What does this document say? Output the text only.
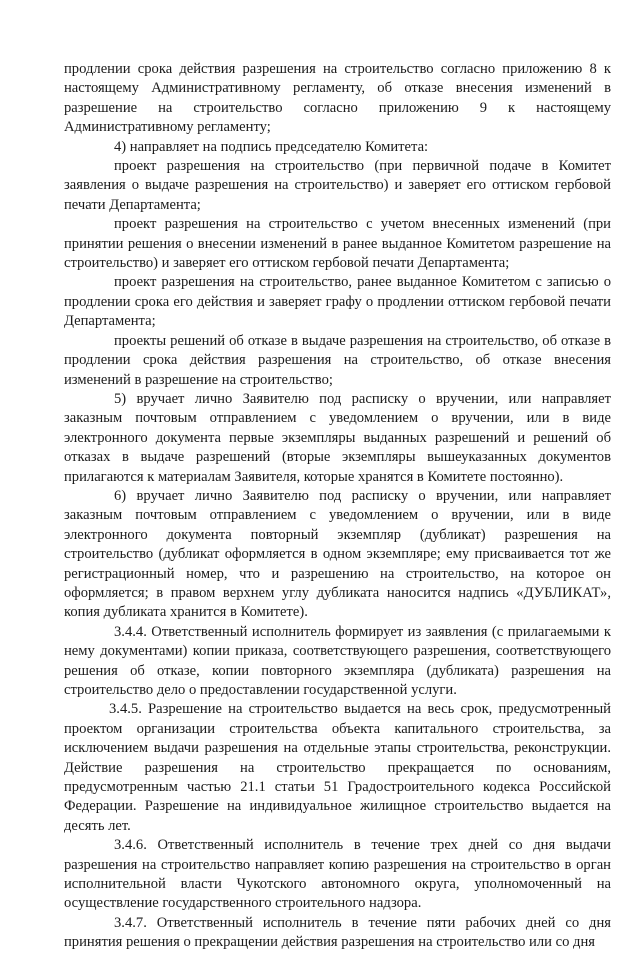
продлении срока действия разрешения на строительство согласно приложению 8 к настоящему Административному регламенту, об отказе внесения изменений в разрешение на строительство согласно приложению 9 к настоящему Административному регламенту;

4) направляет на подпись председателю Комитета:

проект разрешения на строительство (при первичной подаче в Комитет заявления о выдаче разрешения на строительство) и заверяет его оттиском гербовой печати Департамента;

проект разрешения на строительство с учетом внесенных изменений (при принятии решения о внесении изменений в ранее выданное Комитетом разрешение на строительство) и заверяет его оттиском гербовой печати Департамента;

проект разрешения на строительство, ранее выданное Комитетом с записью о продлении срока его действия и заверяет графу о продлении оттиском гербовой печати Департамента;

проекты решений об отказе в выдаче разрешения на строительство, об отказе в продлении срока действия разрешения на строительство, об отказе внесения изменений в разрешение на строительство;

5) вручает лично Заявителю под расписку о вручении, или направляет заказным почтовым отправлением с уведомлением о вручении, или в виде электронного документа первые экземпляры выданных разрешений и решений об отказах в выдаче разрешений (вторые экземпляры вышеуказанных документов прилагаются к материалам Заявителя, которые хранятся в Комитете постоянно).

6) вручает лично Заявителю под расписку о вручении, или направляет заказным почтовым отправлением с уведомлением о вручении, или в виде электронного документа повторный экземпляр (дубликат) разрешения на строительство (дубликат оформляется в одном экземпляре; ему присваивается тот же регистрационный номер, что и разрешению на строительство, на которое он оформляется; в правом верхнем углу дубликата наносится надпись «ДУБЛИКАТ», копия дубликата хранится в Комитете).

3.4.4. Ответственный исполнитель формирует из заявления (с прилагаемыми к нему документами) копии приказа, соответствующего разрешения, соответствующего решения об отказе, копии повторного экземпляра (дубликата) разрешения на строительство дело о предоставлении государственной услуги.

3.4.5. Разрешение на строительство выдается на весь срок, предусмотренный проектом организации строительства объекта капитального строительства, за исключением выдачи разрешения на отдельные этапы строительства, реконструкции. Действие разрешения на строительство прекращается по основаниям, предусмотренным частью 21.1 статьи 51 Градостроительного кодекса Российской Федерации. Разрешение на индивидуальное жилищное строительство выдается на десять лет.

3.4.6. Ответственный исполнитель в течение трех дней со дня выдачи разрешения на строительство направляет копию разрешения на строительство в орган исполнительной власти Чукотского автономного округа, уполномоченный на осуществление государственного строительного надзора.

3.4.7. Ответственный исполнитель в течение пяти рабочих дней со дня принятия решения о прекращении действия разрешения на строительство или со дня
